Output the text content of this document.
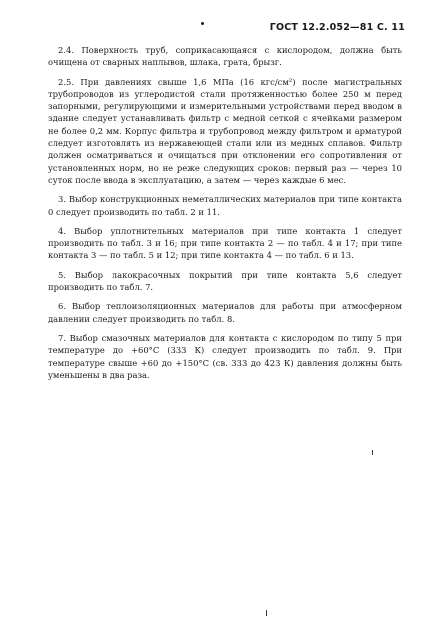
ГОСТ 12.2.052—81 С. 11

2.4. Поверхность труб, соприкасающаяся с кислородом, должна быть очищена от сварных наплывов, шлака, грата, брызг.

2.5. При давлениях свыше 1,6 МПа (16 кгс/см²) после магистральных трубопроводов из углеродистой стали протяженностью более 250 м перед запорными, регулирующими и измерительными устройствами перед вводом в здание следует устанавливать фильтр с медной сеткой с ячейками размером не более 0,2 мм. Корпус фильтра и трубопровод между фильтром и арматурой следует изготовлять из нержавеющей стали или из медных сплавов. Фильтр должен осматриваться и очищаться при отклонении его сопротивления от установленных норм, но не реже следующих сроков: первый раз — через 10 суток после ввода в эксплуатацию, а затем — через каждые 6 мес.

3. Выбор конструкционных неметаллических материалов при типе контакта 0 следует производить по табл. 2 и 11.

4. Выбор уплотнительных материалов при типе контакта 1 следует производить по табл. 3 и 16; при типе контакта 2 — по табл. 4 и 17; при типе контакта 3 — по табл. 5 и 12; при типе контакта 4 — по табл. 6 и 13.

5. Выбор лакокрасочных покрытий при типе контакта 5,6 следует производить по табл. 7.

6. Выбор теплоизоляционных материалов для работы при атмосферном давлении следует производить по табл. 8.

7. Выбор смазочных материалов для контакта с кислородом по типу 5 при температуре до +60°С (333 К) следует производить по табл. 9. При температуре свыше +60 до +150°С (св. 333 до 423 К) давления должны быть уменьшены в два раза.
